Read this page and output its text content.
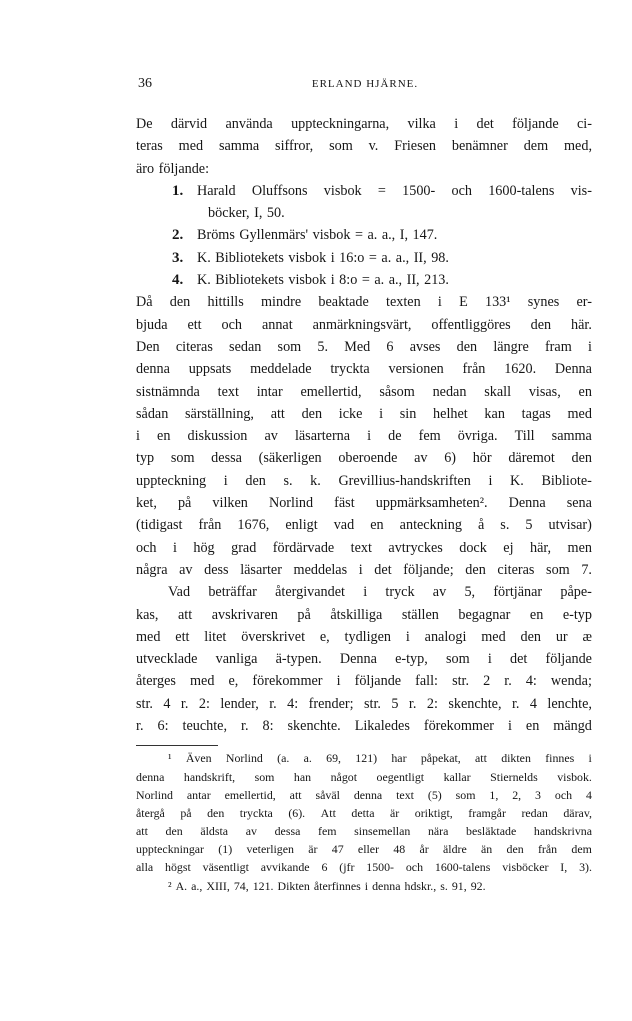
36	ERLAND HJÄRNE.
De därvid använda uppteckningarna, vilka i det följande ci-
teras med samma siffror, som v. Friesen benämner dem med,
äro följande:
1. Harald Oluffsons visbok = 1500- och 1600-talens vis-
böcker, I, 50.
2. Bröms Gyllenmärs' visbok = a. a., I, 147.
3. K. Bibliotekets visbok i 16:o = a. a., II, 98.
4. K. Bibliotekets visbok i 8:o = a. a., II, 213.
Då den hittills mindre beaktade texten i E 133¹ synes er-
bjuda ett och annat anmärkningsvärt, offentliggöres den här.
Den citeras sedan som 5. Med 6 avses den längre fram i
denna uppsats meddelade tryckta versionen från 1620. Denna
sistnämnda text intar emellertid, såsom nedan skall visas, en
sådan särställning, att den icke i sin helhet kan tagas med
i en diskussion av läsarterna i de fem övriga. Till samma
typ som dessa (säkerligen oberoende av 6) hör däremot den
uppteckning i den s. k. Grevillius-handskriften i K. Bibliote-
ket, på vilken Norlind fäst uppmärksamheten². Denna sena
(tidigast från 1676, enligt vad en anteckning å s. 5 utvisar)
och i hög grad fördärvade text avtryckes dock ej här, men
några av dess läsarter meddelas i det följande; den citeras som 7.
Vad beträffar återgivandet i tryck av 5, förtjänar påpe-
kas, att avskrivaren på åtskilliga ställen begagnar en e-typ
med ett litet överskrivet e, tydligen i analogi med den ur æ
utvecklade vanliga ä-typen. Denna e-typ, som i det följande
återges med e, förekommer i följande fall: str. 2 r. 4: wenda;
str. 4 r. 2: lender, r. 4: frender; str. 5 r. 2: skenchte, r. 4 lenchte,
r. 6: teuchte, r. 8: skenchte. Likaledes förekommer i en mängd
¹ Även Norlind (a. a. 69, 121) har påpekat, att dikten finnes i
denna handskrift, som han något oegentligt kallar Stiernelds visbok.
Norlind antar emellertid, att såväl denna text (5) som 1, 2, 3 och 4
återgå på den tryckta (6). Att detta är oriktigt, framgår redan därav,
att den äldsta av dessa fem sinsemellan nära besläktade handskrivna
uppteckningar (1) veterligen är 47 eller 48 år äldre än den från dem
alla högst väsentligt avvikande 6 (jfr 1500- och 1600-talens visböcker I, 3).
² A. a., XIII, 74, 121. Dikten återfinnes i denna hdskr., s. 91, 92.
